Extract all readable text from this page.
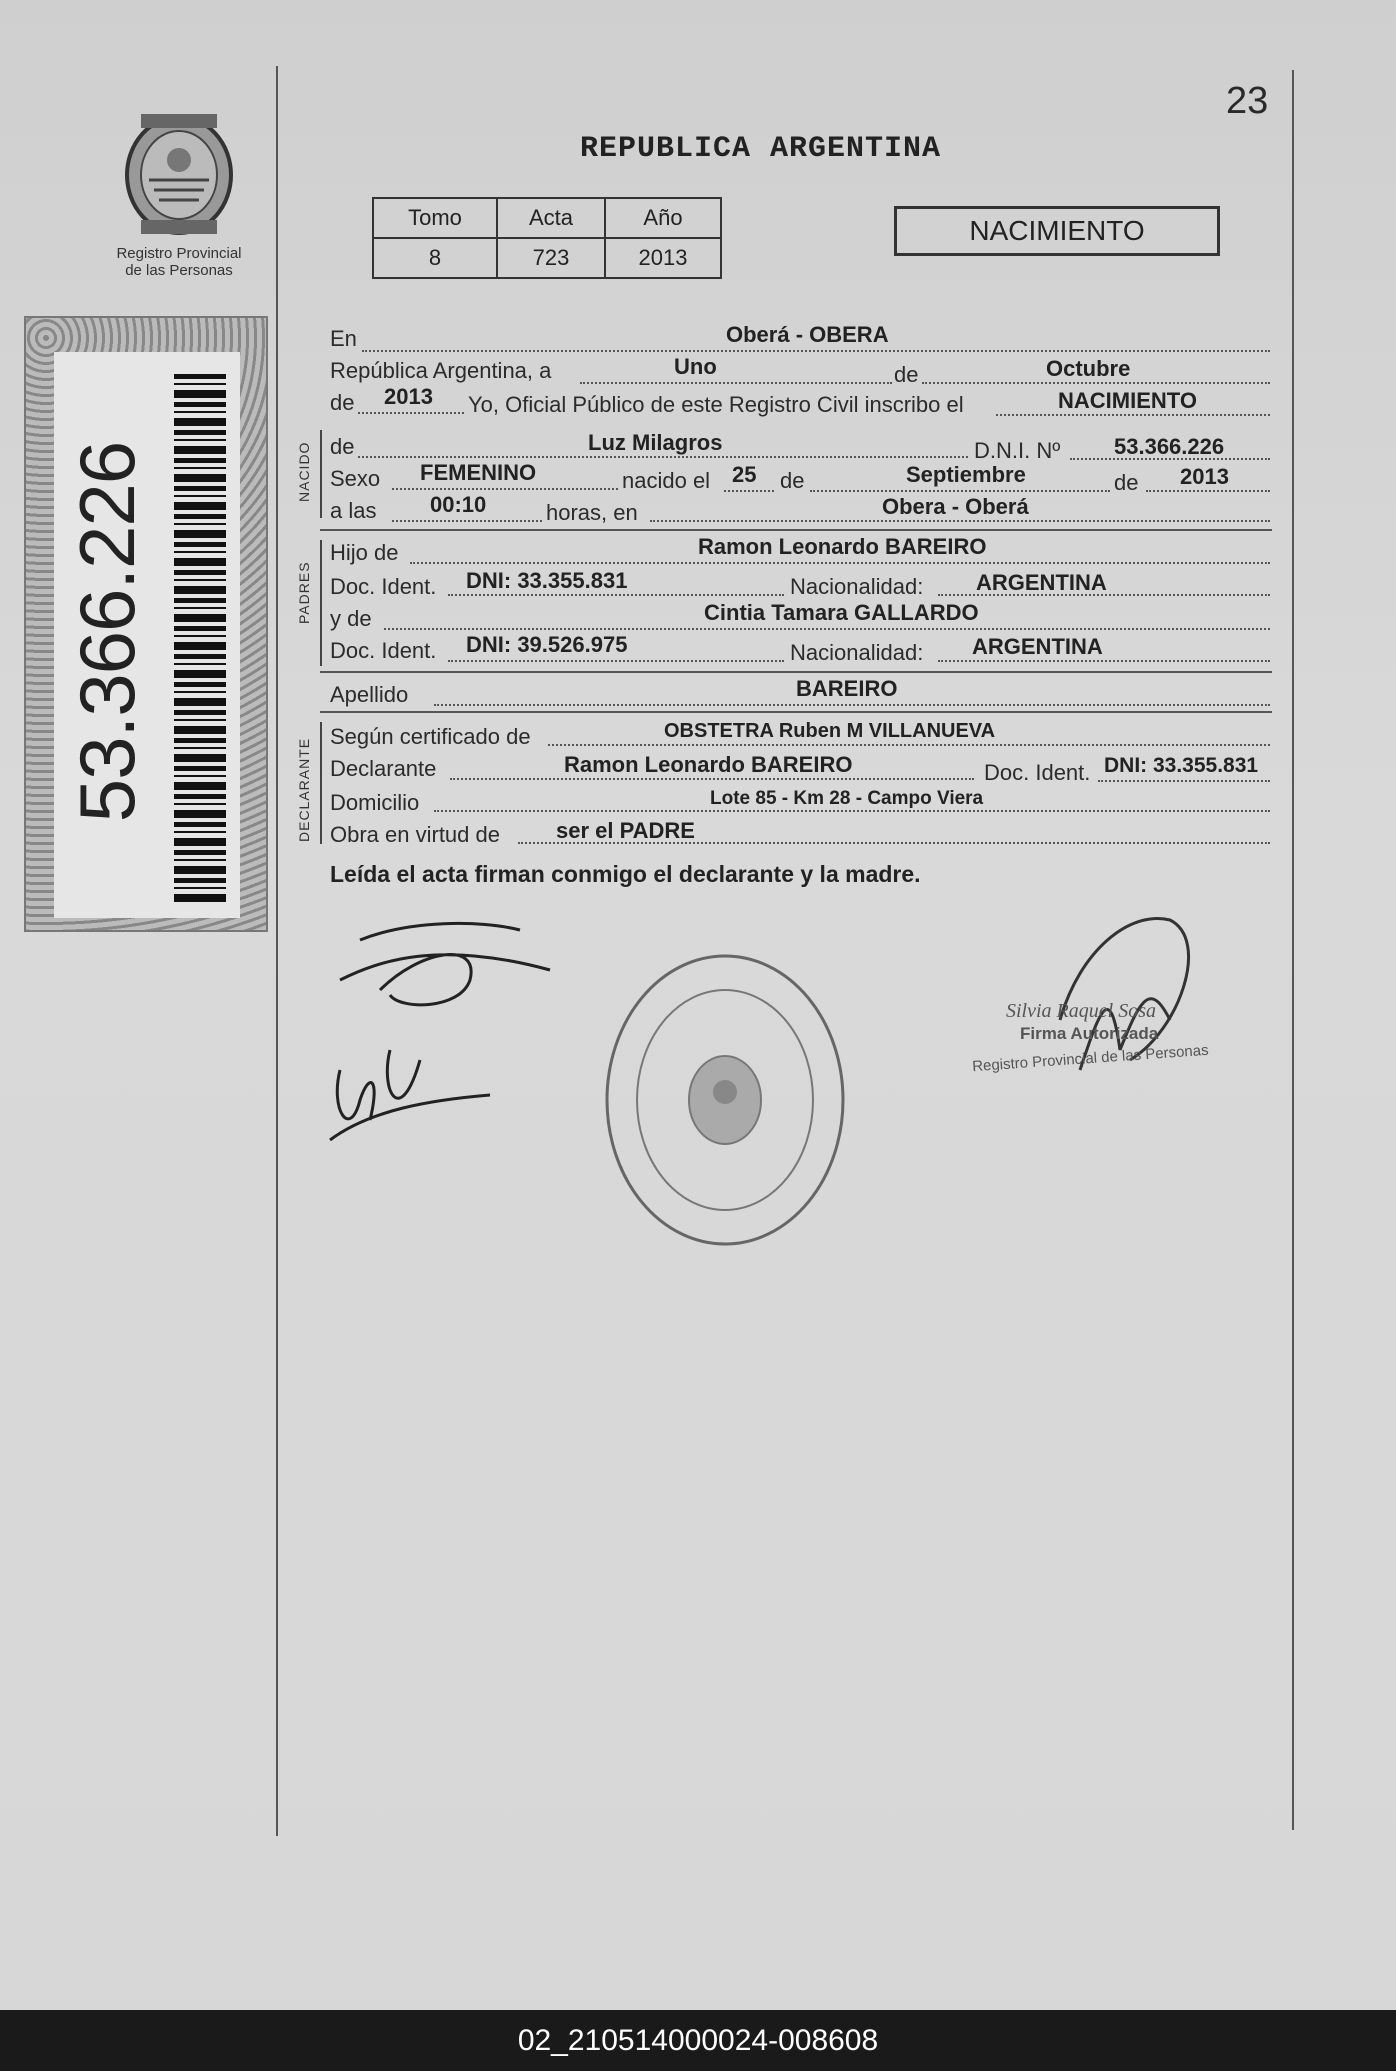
23
REPUBLICA ARGENTINA
Registro Provincial
de las Personas
53.366.226
Tomo	Acta	Año
8	723	2013
NACIMIENTO
NACIDO
PADRES
DECLARANTE
En	Oberá - OBERA
República Argentina, a	Uno	de	Octubre
de 2013 Yo, Oficial Público de este Registro Civil inscribo el	NACIMIENTO
de	Luz Milagros	D.N.I. Nº 53.366.226
Sexo FEMENINO	nacido el 25 de	Septiembre	de 2013
a las 00:10	horas, en	Obera - Oberá
Hijo de	Ramon Leonardo BAREIRO
Doc. Ident. DNI: 33.355.831	Nacionalidad: ARGENTINA
y de	Cintia Tamara GALLARDO
Doc. Ident. DNI: 39.526.975	Nacionalidad: ARGENTINA
Apellido	BAREIRO
Según certificado de	OBSTETRA Ruben M VILLANUEVA
Declarante	Ramon Leonardo BAREIRO	Doc. Ident. DNI: 33.355.831
Domicilio	Lote 85 - Km 28 - Campo Viera
Obra en virtud de	ser el PADRE
Leída el acta firman conmigo el declarante y la madre.
Silvia Raquel Sosa
Firma Autorizada
Registro Provincial de las Personas
02_210514000024-008608
